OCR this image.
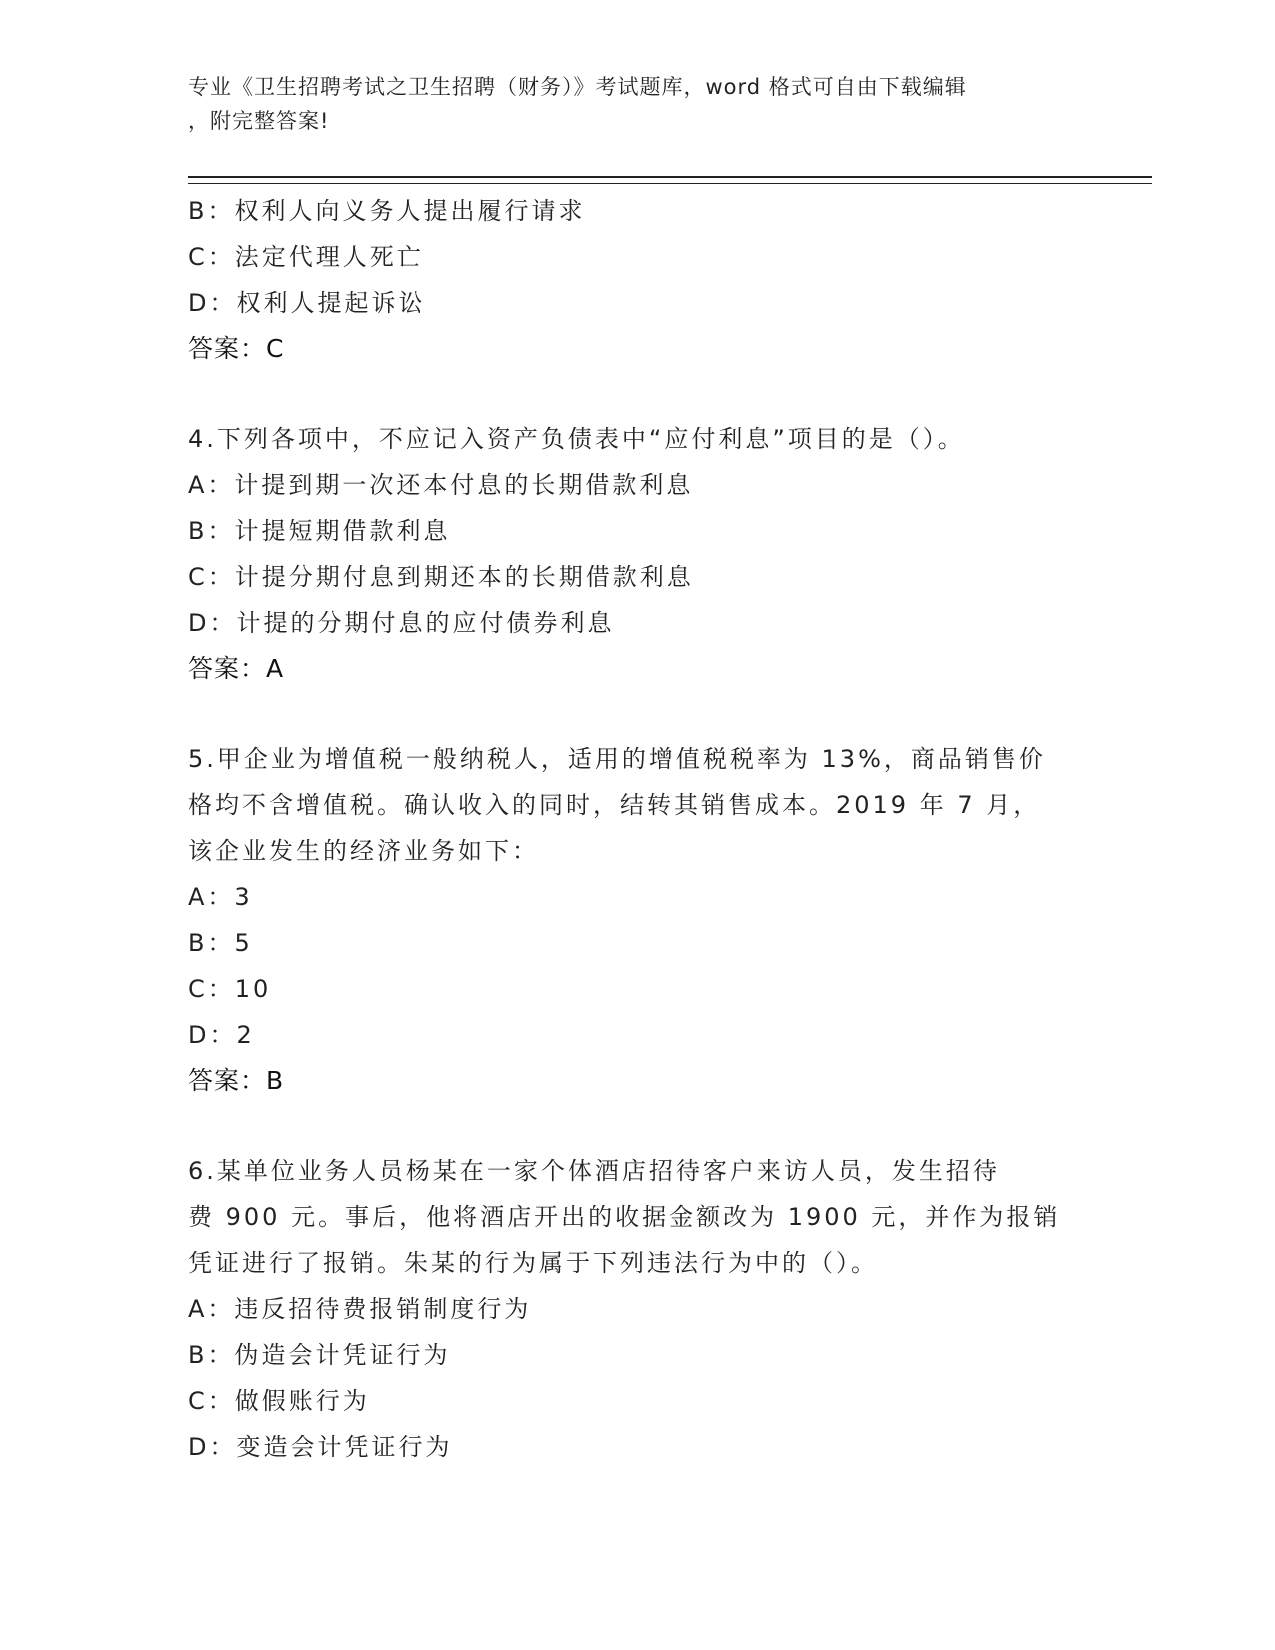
专业《卫生招聘考试之卫生招聘（财务）》考试题库，word 格式可自由下载编辑
，附完整答案!
B：权利人向义务人提出履行请求
C：法定代理人死亡
D：权利人提起诉讼
答案：C
4.下列各项中，不应记入资产负债表中“应付利息”项目的是（）。
A：计提到期一次还本付息的长期借款利息
B：计提短期借款利息
C：计提分期付息到期还本的长期借款利息
D：计提的分期付息的应付债券利息
答案：A
5.甲企业为增值税一般纳税人，适用的增值税税率为 13%，商品销售价
格均不含增值税。确认收入的同时，结转其销售成本。2019 年 7 月，
该企业发生的经济业务如下：
A：3
B：5
C：10
D：2
答案：B
6.某单位业务人员杨某在一家个体酒店招待客户来访人员，发生招待
费 900 元。事后，他将酒店开出的收据金额改为 1900 元，并作为报销
凭证进行了报销。朱某的行为属于下列违法行为中的（）。
A：违反招待费报销制度行为
B：伪造会计凭证行为
C：做假账行为
D：变造会计凭证行为
